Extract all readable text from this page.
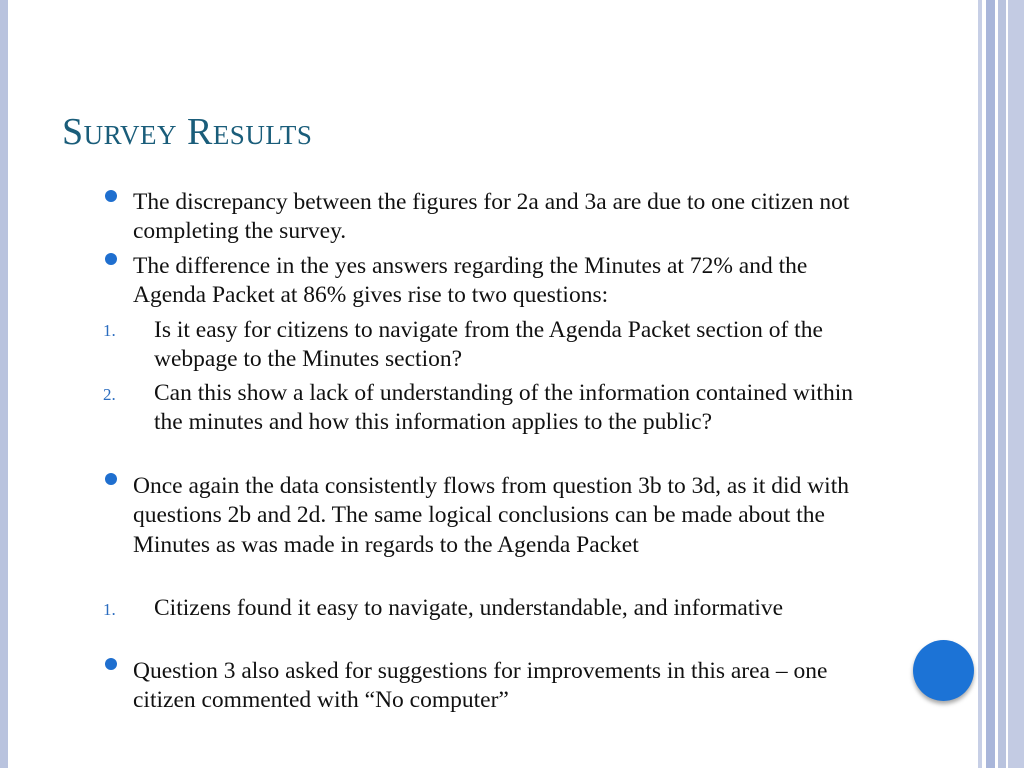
Survey Results
The discrepancy between the figures for 2a and 3a are due to one citizen not completing the survey.
The difference in the yes answers regarding the Minutes at 72% and the Agenda Packet at 86% gives rise to two questions:
1. Is it easy for citizens to navigate from the Agenda Packet section of the webpage to the Minutes section?
2. Can this show a lack of understanding of the information contained within the minutes and how this information applies to the public?
Once again the data consistently flows from question 3b to 3d, as it did with questions 2b and 2d. The same logical conclusions can be made about the Minutes as was made in regards to the Agenda Packet
1. Citizens found it easy to navigate, understandable, and informative
Question 3 also asked for suggestions for improvements in this area – one citizen commented with “No computer”
